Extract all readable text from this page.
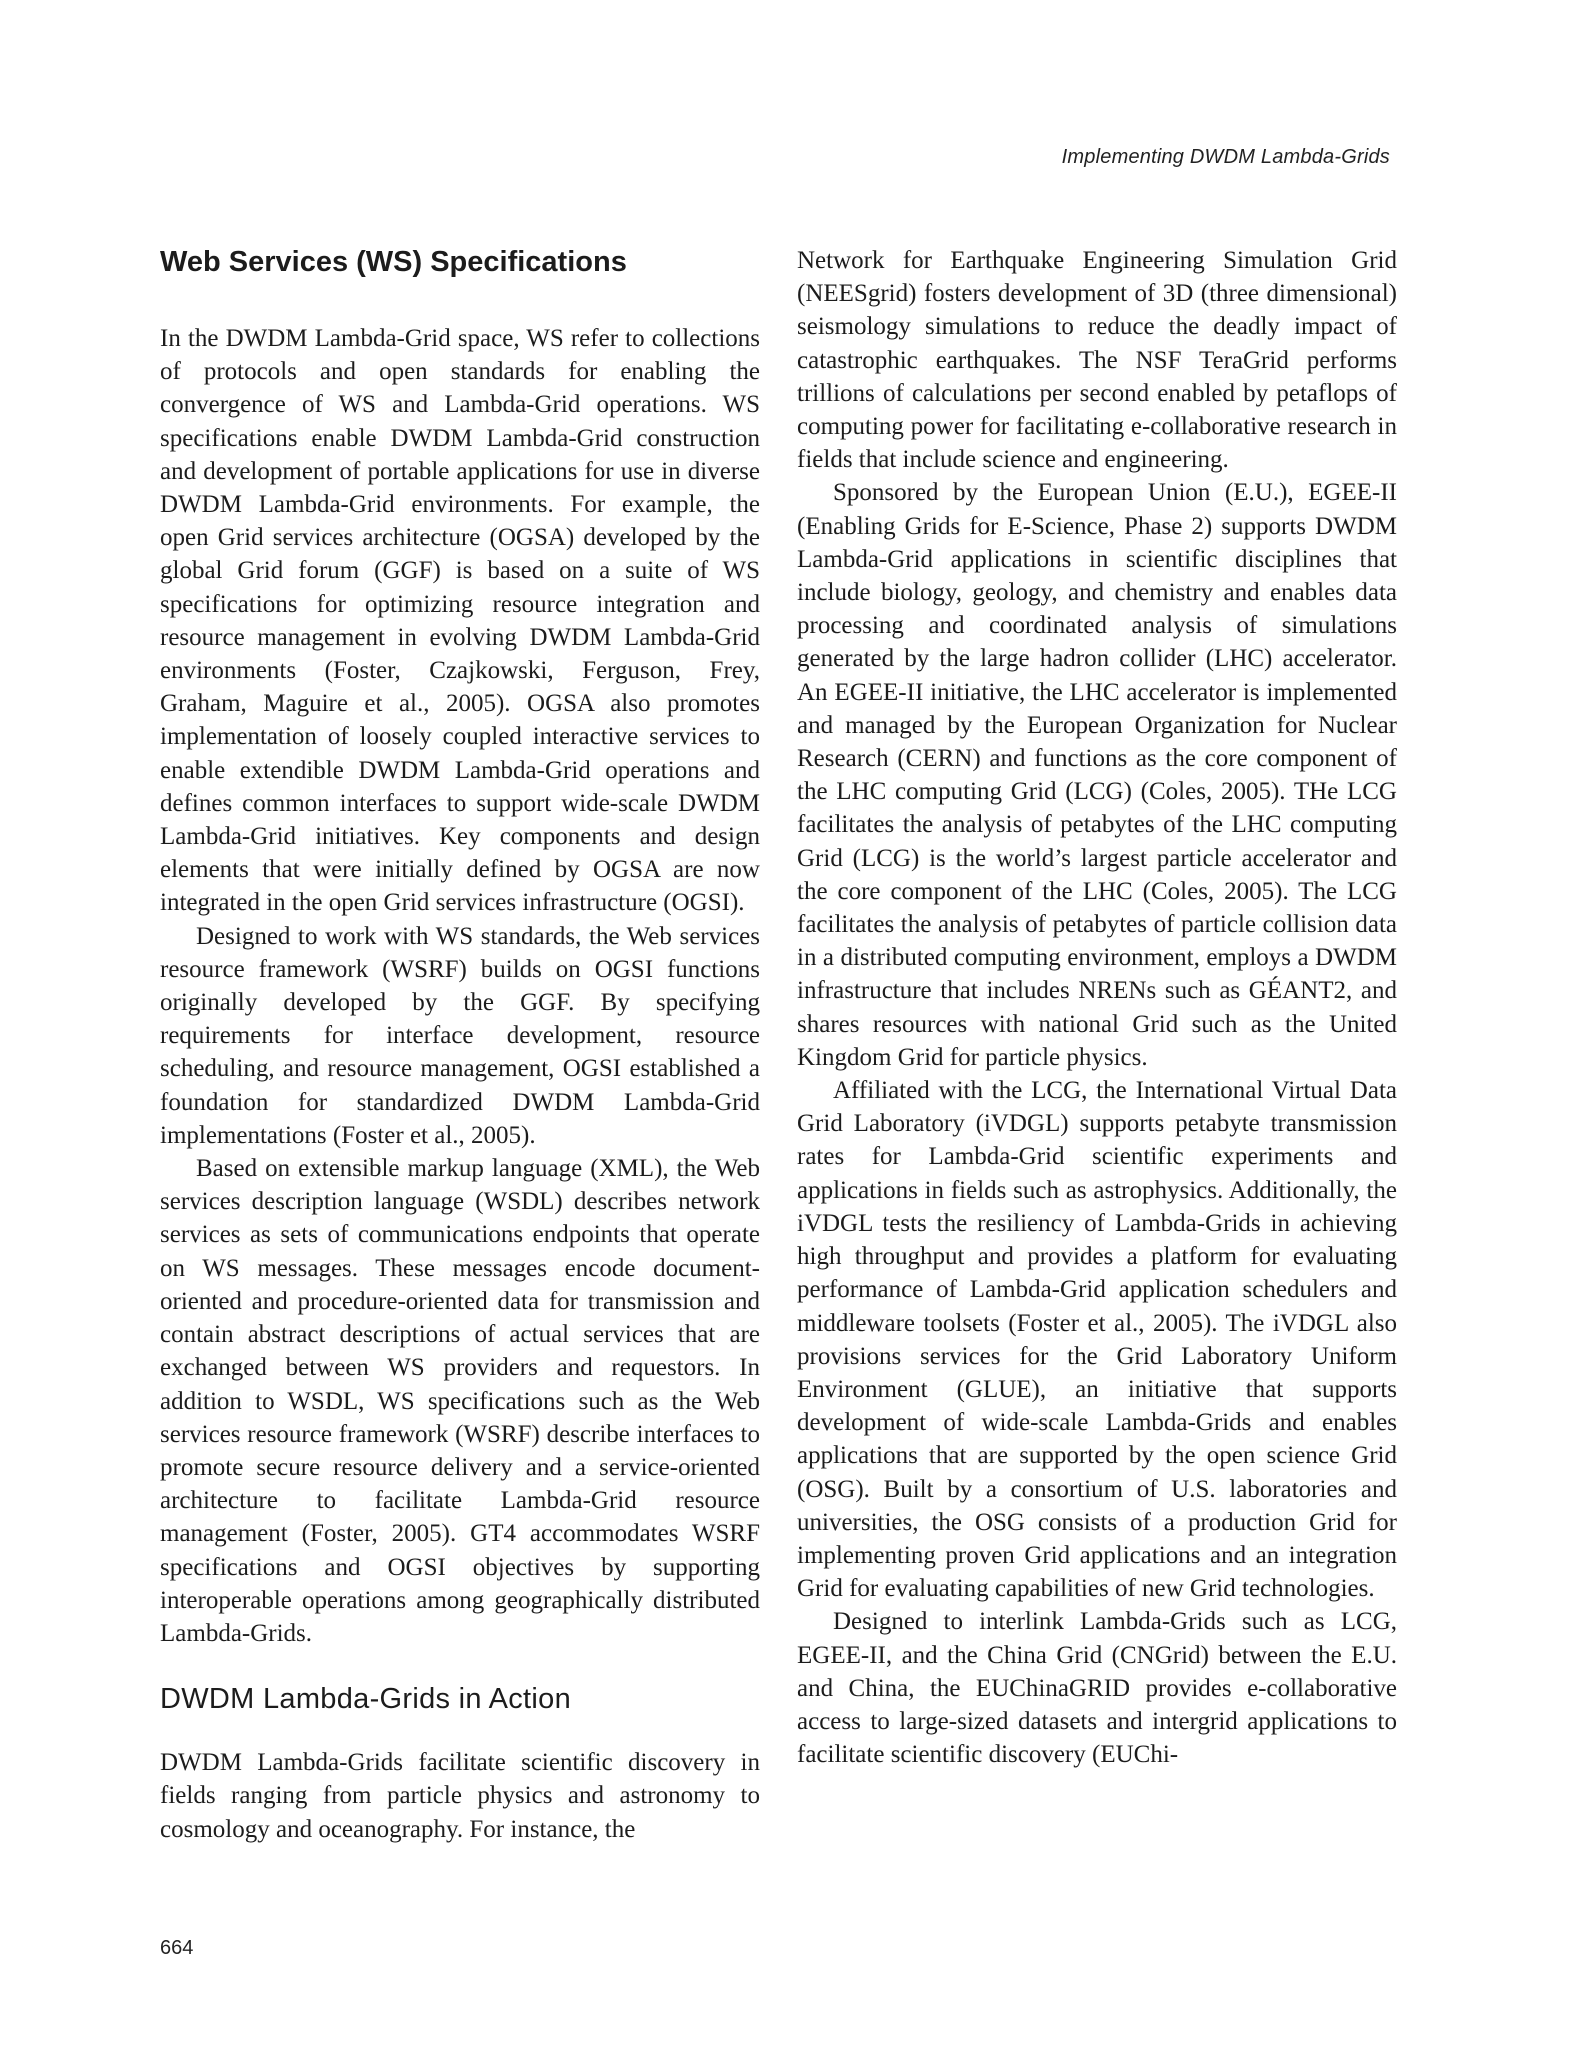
Implementing DWDM Lambda-Grids
Web Services (WS) Specifications

In the DWDM Lambda-Grid space, WS refer to collections of protocols and open standards for enabling the convergence of WS and Lambda-Grid operations. WS specifications enable DWDM Lambda-Grid construction and development of portable applications for use in diverse DWDM Lambda-Grid environments. For example, the open Grid services architecture (OGSA) developed by the global Grid forum (GGF) is based on a suite of WS specifications for optimizing resource integration and resource management in evolving DWDM Lambda-Grid environments (Foster, Czajkowski, Ferguson, Frey, Graham, Maguire et al., 2005). OGSA also promotes implementation of loosely coupled interactive services to enable extendible DWDM Lambda-Grid operations and defines common interfaces to support wide-scale DWDM Lambda-Grid initiatives. Key components and design elements that were initially defined by OGSA are now integrated in the open Grid services infrastructure (OGSI).

Designed to work with WS standards, the Web services resource framework (WSRF) builds on OGSI functions originally developed by the GGF. By specifying requirements for interface development, resource scheduling, and resource management, OGSI established a foundation for standardized DWDM Lambda-Grid implementations (Foster et al., 2005).

Based on extensible markup language (XML), the Web services description language (WSDL) describes network services as sets of communications endpoints that operate on WS messages. These messages encode document-oriented and procedure-oriented data for transmission and contain abstract descriptions of actual services that are exchanged between WS providers and requestors. In addition to WSDL, WS specifications such as the Web services resource framework (WSRF) describe interfaces to promote secure resource delivery and a service-oriented architecture to facilitate Lambda-Grid resource management (Foster, 2005). GT4 accommodates WSRF specifications and OGSI objectives by supporting interoperable operations among geographically distributed Lambda-Grids.

DWDM Lambda-Grids in Action

DWDM Lambda-Grids facilitate scientific discovery in fields ranging from particle physics and astronomy to cosmology and oceanography. For instance, the

Network for Earthquake Engineering Simulation Grid (NEESgrid) fosters development of 3D (three dimensional) seismology simulations to reduce the deadly impact of catastrophic earthquakes. The NSF TeraGrid performs trillions of calculations per second enabled by petaflops of computing power for facilitating e-collaborative research in fields that include science and engineering.

Sponsored by the European Union (E.U.), EGEE-II (Enabling Grids for E-Science, Phase 2) supports DWDM Lambda-Grid applications in scientific disciplines that include biology, geology, and chemistry and enables data processing and coordinated analysis of simulations generated by the large hadron collider (LHC) accelerator. An EGEE-II initiative, the LHC accelerator is implemented and managed by the European Organization for Nuclear Research (CERN) and functions as the core component of the LHC computing Grid (LCG) (Coles, 2005). THe LCG facilitates the analysis of petabytes of the LHC computing Grid (LCG) is the world’s largest particle accelerator and the core component of the LHC (Coles, 2005). The LCG facilitates the analysis of petabytes of particle collision data in a distributed computing environment, employs a DWDM infrastructure that includes NRENs such as GÉANT2, and shares resources with national Grid such as the United Kingdom Grid for particle physics.

Affiliated with the LCG, the International Virtual Data Grid Laboratory (iVDGL) supports petabyte transmission rates for Lambda-Grid scientific experiments and applications in fields such as astrophysics. Additionally, the iVDGL tests the resiliency of Lambda-Grids in achieving high throughput and provides a platform for evaluating performance of Lambda-Grid application schedulers and middleware toolsets (Foster et al., 2005). The iVDGL also provisions services for the Grid Laboratory Uniform Environment (GLUE), an initiative that supports development of wide-scale Lambda-Grids and enables applications that are supported by the open science Grid (OSG). Built by a consortium of U.S. laboratories and universities, the OSG consists of a production Grid for implementing proven Grid applications and an integration Grid for evaluating capabilities of new Grid technologies.

Designed to interlink Lambda-Grids such as LCG, EGEE-II, and the China Grid (CNGrid) between the E.U. and China, the EUChinaGRID provides e-collaborative access to large-sized datasets and intergrid applications to facilitate scientific discovery (EUChi-

664
